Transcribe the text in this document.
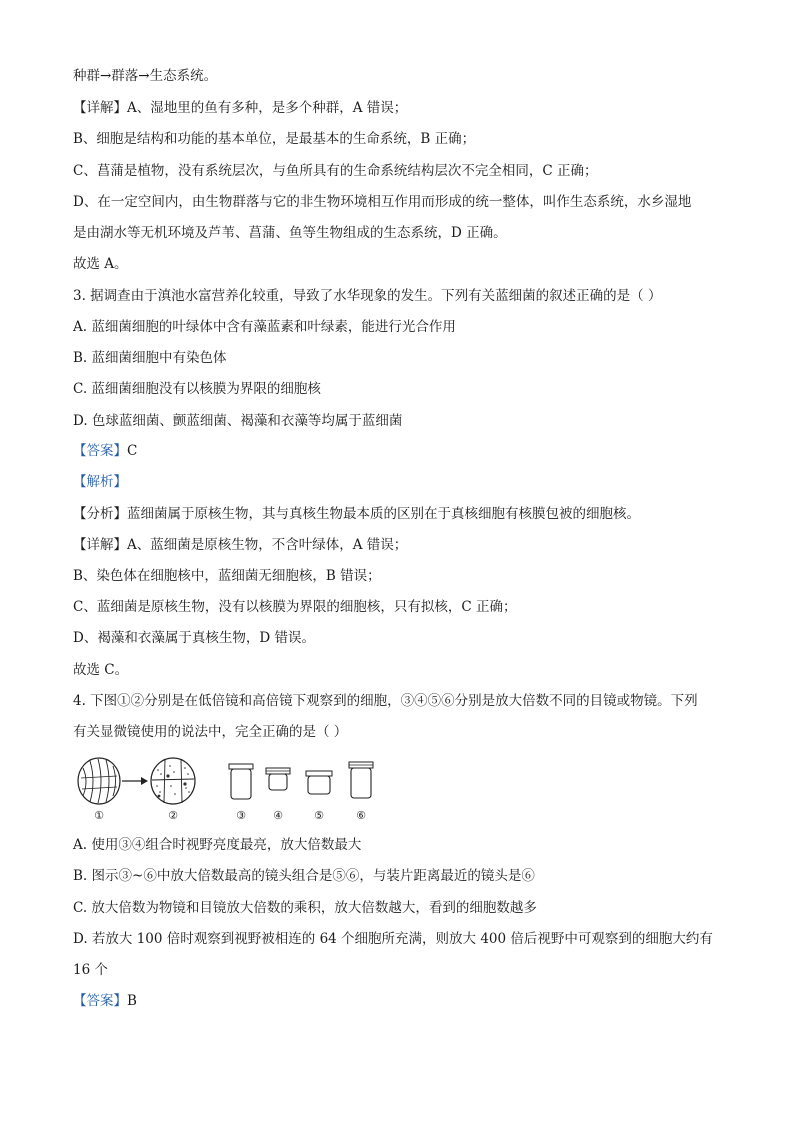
种群→群落→生态系统。
【详解】A、湿地里的鱼有多种，是多个种群，A 错误；
B、细胞是结构和功能的基本单位，是最基本的生命系统，B 正确；
C、菖蒲是植物，没有系统层次，与鱼所具有的生命系统结构层次不完全相同，C 正确；
D、在一定空间内，由生物群落与它的非生物环境相互作用而形成的统一整体，叫作生态系统，水乡湿地
是由湖水等无机环境及芦苇、菖蒲、鱼等生物组成的生态系统，D 正确。
故选 A。
3. 据调查由于滇池水富营养化较重，导致了水华现象的发生。下列有关蓝细菌的叙述正确的是（ ）
A. 蓝细菌细胞的叶绿体中含有藻蓝素和叶绿素，能进行光合作用
B. 蓝细菌细胞中有染色体
C. 蓝细菌细胞没有以核膜为界限的细胞核
D. 色球蓝细菌、颤蓝细菌、褐藻和衣藻等均属于蓝细菌
【答案】C
【解析】
【分析】蓝细菌属于原核生物，其与真核生物最本质的区别在于真核细胞有核膜包被的细胞核。
【详解】A、蓝细菌是原核生物，不含叶绿体，A 错误；
B、染色体在细胞核中，蓝细菌无细胞核，B 错误；
C、蓝细菌是原核生物，没有以核膜为界限的细胞核，只有拟核，C 正确；
D、褐藻和衣藻属于真核生物，D 错误。
故选 C。
4. 下图①②分别是在低倍镜和高倍镜下观察到的细胞，③④⑤⑥分别是放大倍数不同的目镜或物镜。下列
有关显微镜使用的说法中，完全正确的是（ ）
①	②	③ ④	⑤	⑥
A. 使用③④组合时视野亮度最亮，放大倍数最大
B. 图示③~⑥中放大倍数最高的镜头组合是⑤⑥，与装片距离最近的镜头是⑥
C. 放大倍数为物镜和目镜放大倍数的乘积，放大倍数越大，看到的细胞数越多
D. 若放大 100 倍时观察到视野被相连的 64 个细胞所充满，则放大 400 倍后视野中可观察到的细胞大约有
16 个
【答案】B
